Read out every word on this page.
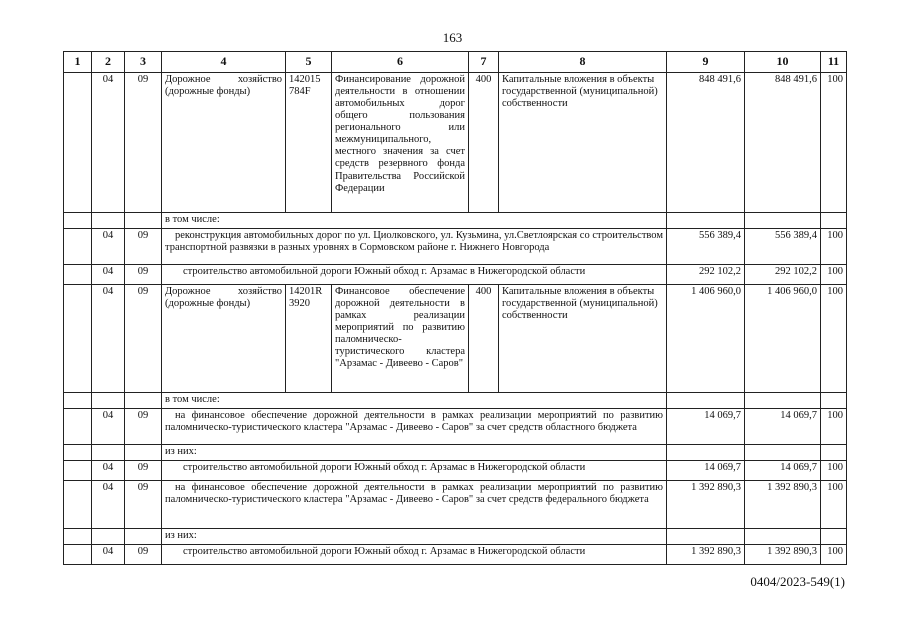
163
1	2	3	4	5	6	7	8	9	10	11
	04	09	Дорожное хозяйство (дорожные фонды)	142015 784F	Финансирование дорожной деятельности в отношении автомобильных дорог общего пользования регионального или межмуниципального, местного значения за счет средств резервного фонда Правительства Российской Федерации	400	Капитальные вложения в объекты государственной (муниципальной) собственности	848 491,6	848 491,6	100
			в том числе:							
	04	09	реконструкция автомобильных дорог по ул. Циолковского, ул. Кузьмина, ул.Светлоярская со строительством транспортной развязки в разных уровнях в Сормовском районе г. Нижнего Новгорода					556 389,4	556 389,4	100
	04	09	строительство автомобильной дороги Южный обход г. Арзамас в Нижегородской области					292 102,2	292 102,2	100
	04	09	Дорожное хозяйство (дорожные фонды)	14201R 3920	Финансовое обеспечение дорожной деятельности в рамках реализации мероприятий по развитию паломническо-туристического кластера "Арзамас - Дивеево - Саров"	400	Капитальные вложения в объекты государственной (муниципальной) собственности	1 406 960,0	1 406 960,0	100
			в том числе:							
	04	09	на финансовое обеспечение дорожной деятельности в рамках реализации мероприятий по развитию паломническо-туристического кластера "Арзамас - Дивеево - Саров" за счет средств областного бюджета					14 069,7	14 069,7	100
			из них:							
	04	09	строительство автомобильной дороги Южный обход г. Арзамас в Нижегородской области					14 069,7	14 069,7	100
	04	09	на финансовое обеспечение дорожной деятельности в рамках реализации мероприятий по развитию паломническо-туристического кластера "Арзамас - Дивеево - Саров" за счет средств федерального бюджета					1 392 890,3	1 392 890,3	100
			из них:							
	04	09	строительство автомобильной дороги Южный обход г. Арзамас в Нижегородской области					1 392 890,3	1 392 890,3	100
0404/2023-549(1)
